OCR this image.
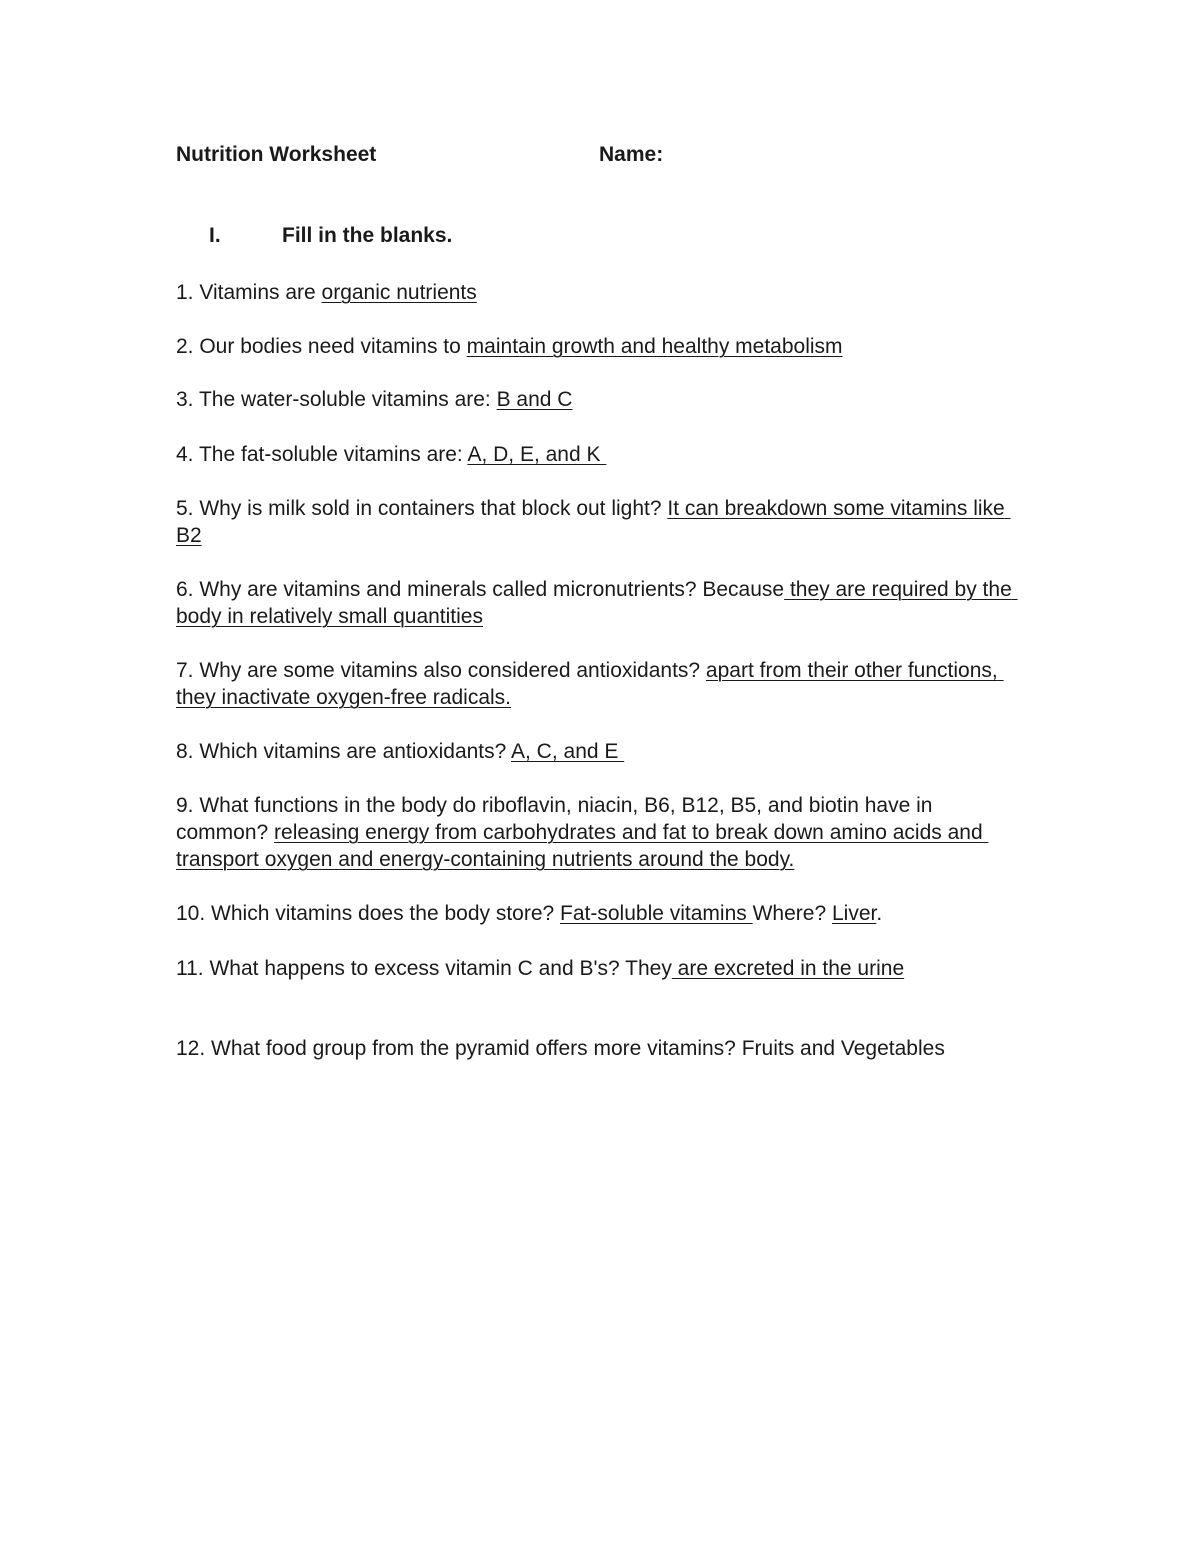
Nutrition Worksheet	Name:
I.	Fill in the blanks.

1. Vitamins are organic nutrients

2. Our bodies need vitamins to maintain growth and healthy metabolism

3. The water-soluble vitamins are: B and C

4. The fat-soluble vitamins are: A, D, E, and K

5. Why is milk sold in containers that block out light? It can breakdown some vitamins like B2

6. Why are vitamins and minerals called micronutrients? Because they are required by the body in relatively small quantities

7. Why are some vitamins also considered antioxidants? apart from their other functions, they inactivate oxygen-free radicals.

8. Which vitamins are antioxidants? A, C, and E

9. What functions in the body do riboflavin, niacin, B6, B12, B5, and biotin have in common? releasing energy from carbohydrates and fat to break down amino acids and transport oxygen and energy-containing nutrients around the body.

10. Which vitamins does the body store? Fat-soluble vitamins Where? Liver.

11. What happens to excess vitamin C and B's? They are excreted in the urine

12. What food group from the pyramid offers more vitamins? Fruits and Vegetables
